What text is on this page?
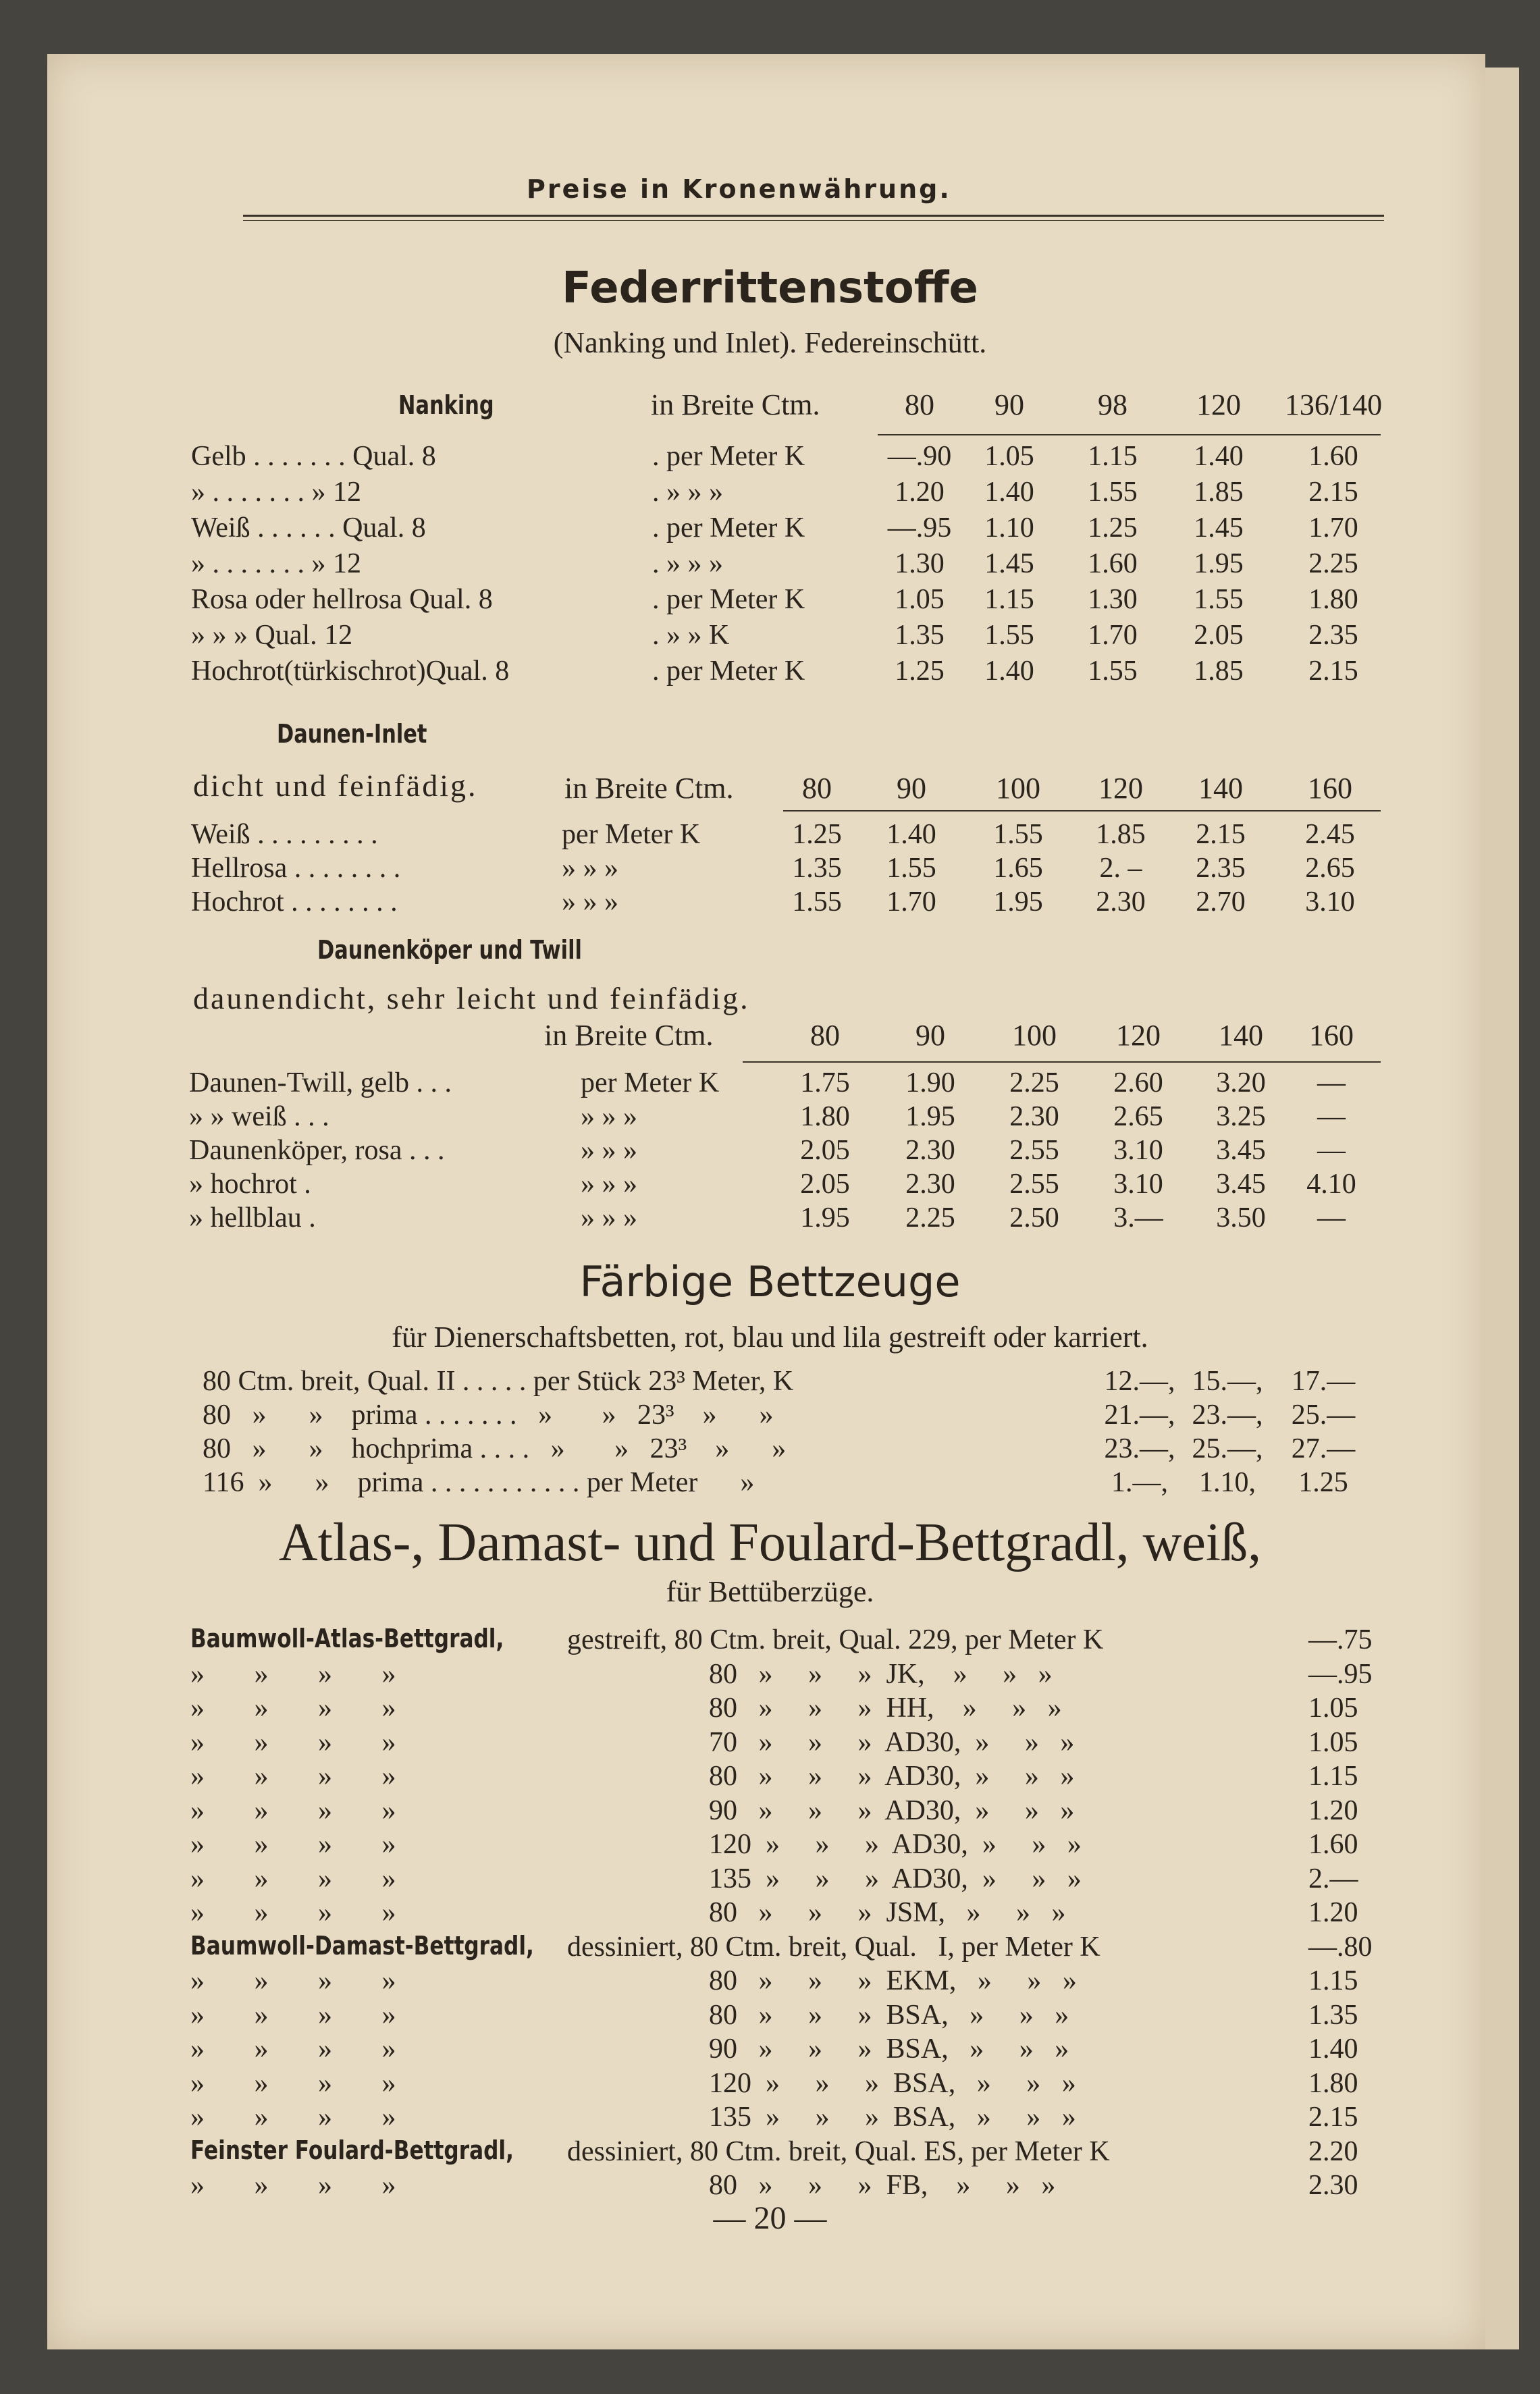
Preise in Kronenwährung.
Federrittenstoffe
(Nanking und Inlet). Federeinschütt.
Nanking	in Breite Ctm.	80	90	98	120	136/140
Gelb . . . . . . . Qual. 8	. per Meter K	—.90	1.05	1.15	1.40	1.60
» . . . . . . . » 12	. » » »	1.20	1.40	1.55	1.85	2.15
Weiß . . . . . . Qual. 8	. per Meter K	—.95	1.10	1.25	1.45	1.70
» . . . . . . . » 12	. » » »	1.30	1.45	1.60	1.95	2.25
Rosa oder hellrosa Qual. 8	. per Meter K	1.05	1.15	1.30	1.55	1.80
» » » Qual. 12	. » » K	1.35	1.55	1.70	2.05	2.35
Hochrot(türkischrot)Qual. 8	. per Meter K	1.25	1.40	1.55	1.85	2.15
Daunen-Inlet
dicht und feinfädig.	in Breite Ctm.	80	90	100	120	140	160
Weiß . . . . . . . . .	per Meter K	1.25	1.40	1.55	1.85	2.15	2.45
Hellrosa . . . . . . . .	» » »	1.35	1.55	1.65	2. –	2.35	2.65
Hochrot . . . . . . . .	» » »	1.55	1.70	1.95	2.30	2.70	3.10
Daunenköper und Twill
daunendicht, sehr leicht und feinfädig.
in Breite Ctm.	80	90	100	120	140	160
Daunen-Twill, gelb . . .	per Meter K	1.75	1.90	2.25	2.60	3.20	—
» » weiß . . .	» » »	1.80	1.95	2.30	2.65	3.25	—
Daunenköper, rosa . . .	» » »	2.05	2.30	2.55	3.10	3.45	—
» hochrot .	» » »	2.05	2.30	2.55	3.10	3.45	4.10
» hellblau .	» » »	1.95	2.25	2.50	3.—	3.50	—
Färbige Bettzeuge
für Dienerschaftsbetten, rot, blau und lila gestreift oder karriert.
80 Ctm. breit, Qual. II . . . . . per Stück 23³ Meter, K	12.—, 15.—,	17.—
80   »      »    prima . . . . . . .   »       »   23³    »      »	21.—, 23.—,	25.—
80   »      »    hochprima . . . .   »       »   23³    »      »	23.—, 25.—,	27.—
116  »      »    prima . . . . . . . . . . . per Meter      »	1.—,	1.10,	1.25
Atlas-, Damast- und Foulard-Bettgradl, weiß,
für Bettüberzüge.
Baumwoll-Atlas-Bettgradl, gestreift, 80 Ctm. breit, Qual. 229, per Meter K	—.75
»       »       »       »	80   »     »     »  JK,    »     »   »	—.95
»       »       »       »	80   »     »     »  HH,    »     »   »	1.05
»       »       »       »	70   »     »     »  AD30,  »     »   »	1.05
»       »       »       »	80   »     »     »  AD30,  »     »   »	1.15
»       »       »       »	90   »     »     »  AD30,  »     »   »	1.20
»       »       »       »	120  »     »     »  AD30,  »     »   »	1.60
»       »       »       »	135  »     »     »  AD30,  »     »   »	2.—
»       »       »       »	80   »     »     »  JSM,   »     »   »	1.20
Baumwoll-Damast-Bettgradl, dessiniert, 80 Ctm. breit, Qual.   I, per Meter K	—.80
»       »       »       »	80   »     »     »  EKM,   »     »   »	1.15
»       »       »       »	80   »     »     »  BSA,   »     »   »	1.35
»       »       »       »	90   »     »     »  BSA,   »     »   »	1.40
»       »       »       »	120  »     »     »  BSA,   »     »   »	1.80
»       »       »       »	135  »     »     »  BSA,   »     »   »	2.15
Feinster Foulard-Bettgradl, dessiniert, 80 Ctm. breit, Qual. ES, per Meter K	2.20
»       »       »       »	80   »     »     »  FB,    »     »   »	2.30
— 20 —
